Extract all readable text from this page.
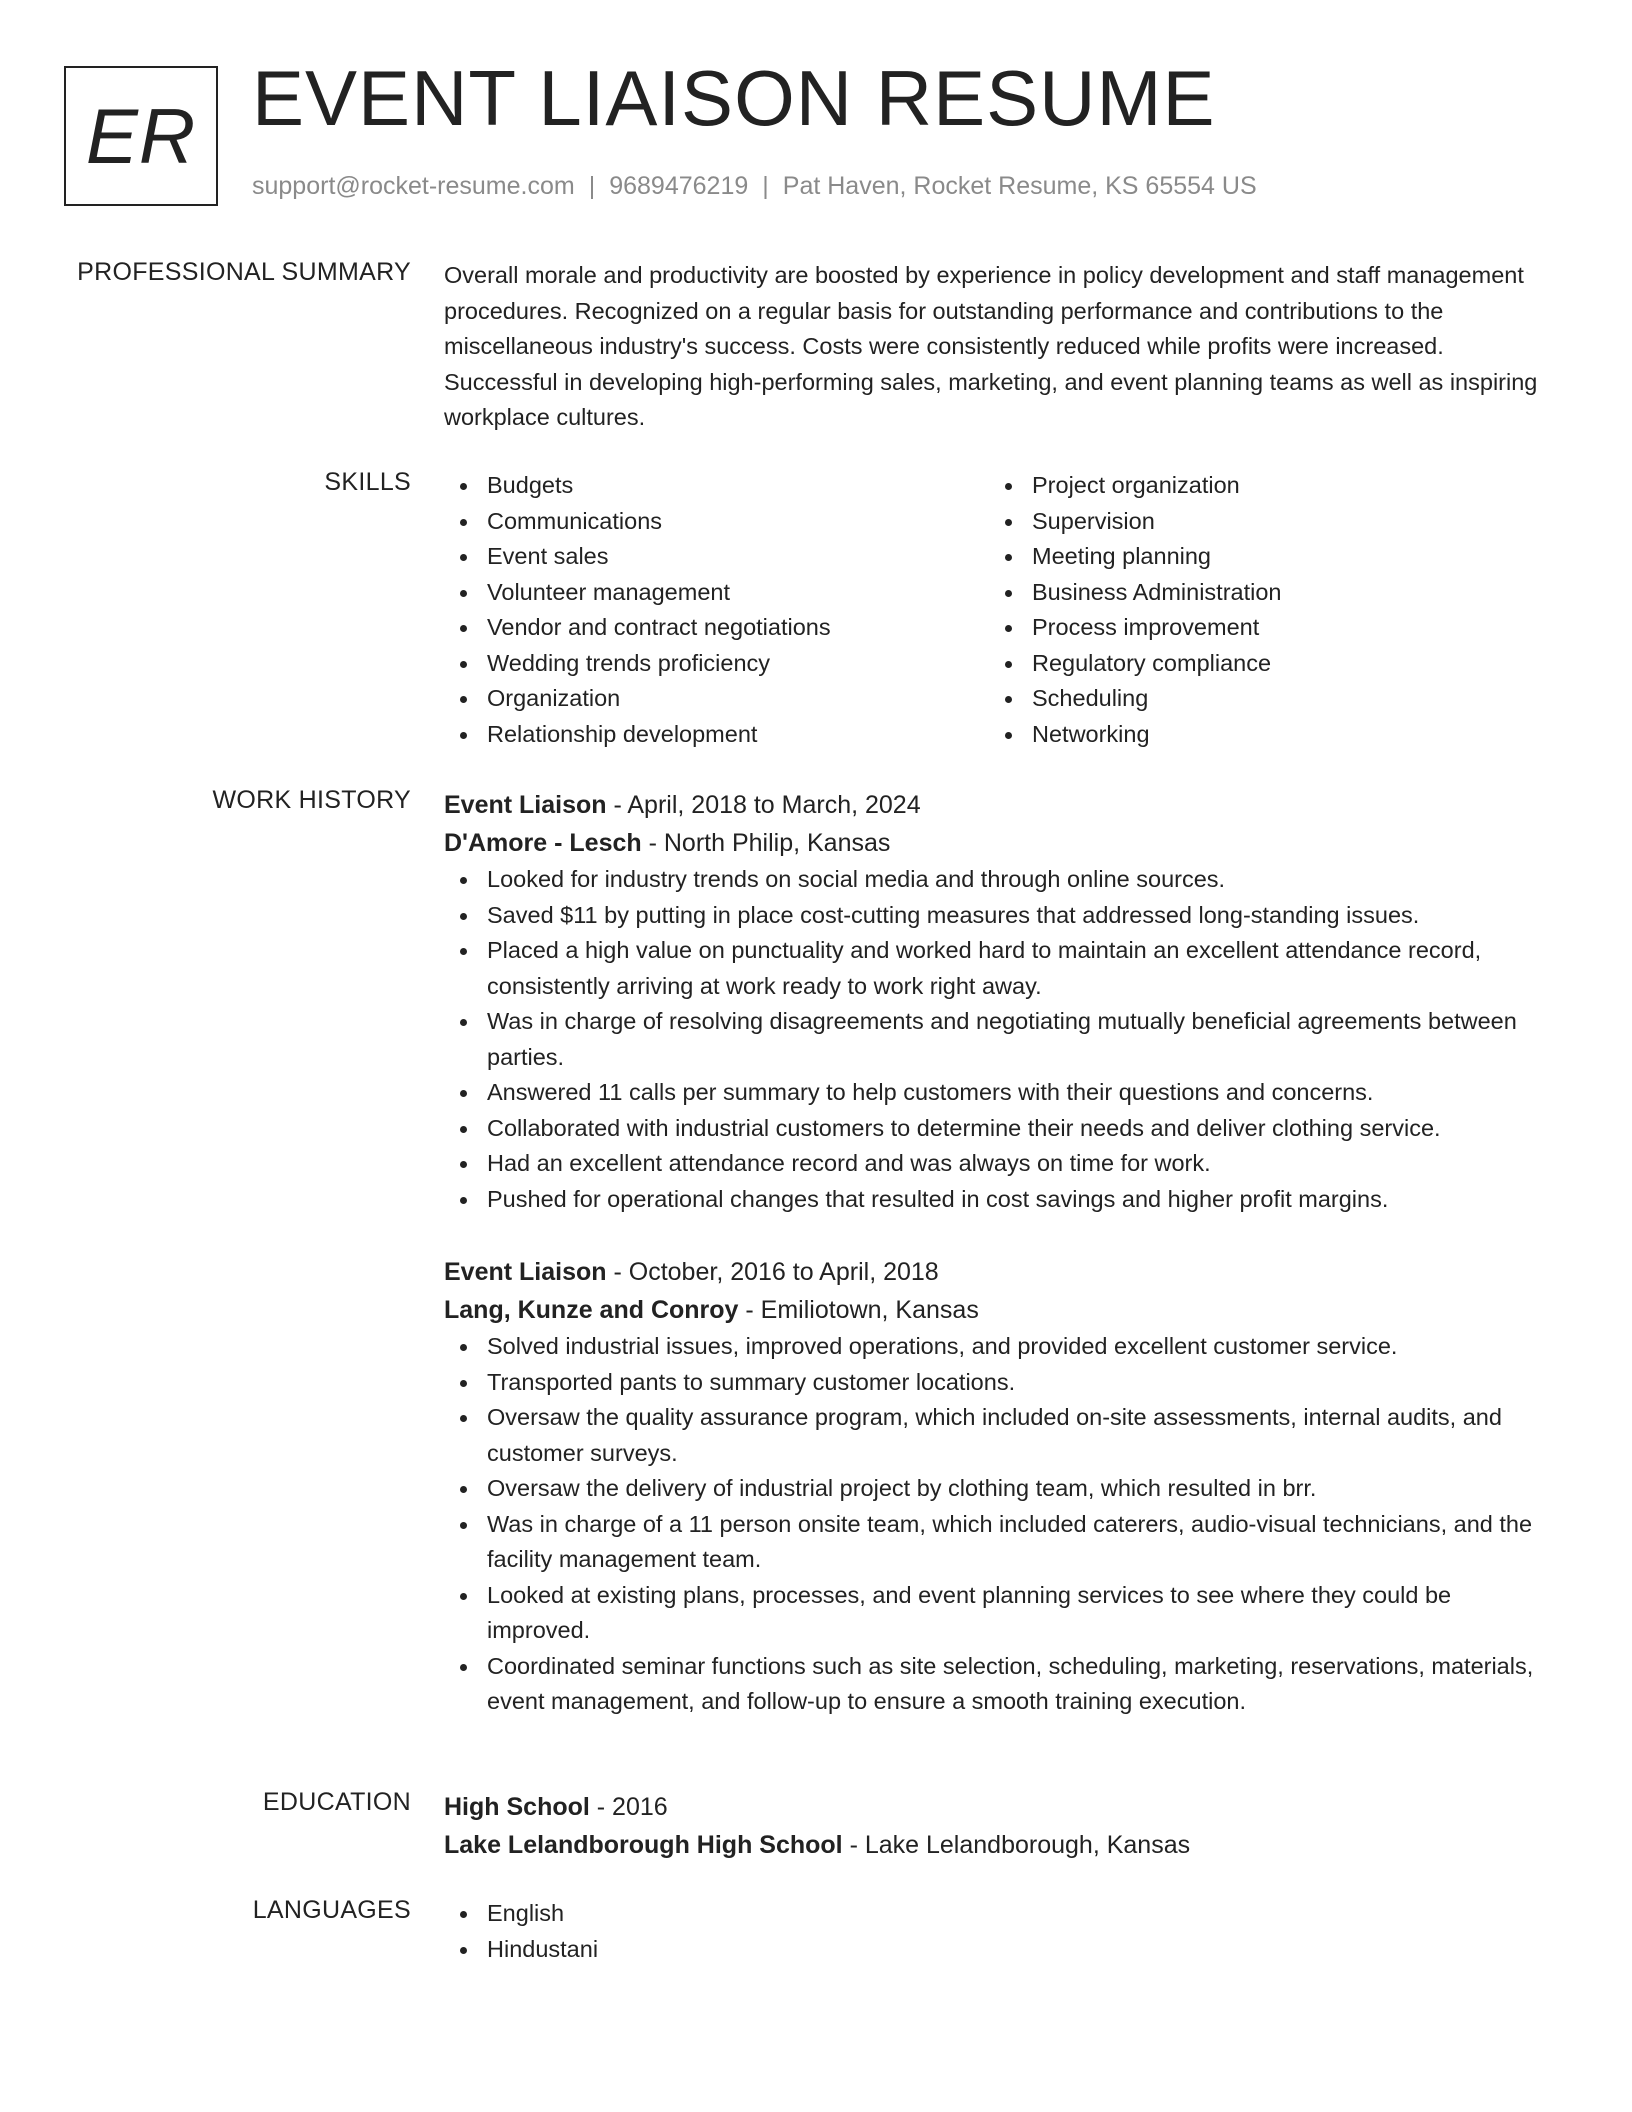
ER EVENT LIAISON RESUME
support@rocket-resume.com | 9689476219 | Pat Haven, Rocket Resume, KS 65554 US
PROFESSIONAL SUMMARY Overall morale and productivity are boosted by experience in policy development and staff management procedures. Recognized on a regular basis for outstanding performance and contributions to the miscellaneous industry's success. Costs were consistently reduced while profits were increased. Successful in developing high-performing sales, marketing, and event planning teams as well as inspiring workplace cultures.

SKILLS	Budgets
Communications
Event sales
Volunteer management
Vendor and contract negotiations
Wedding trends proficiency
Organization
Relationship development
Project organization
Supervision
Meeting planning
Business Administration
Process improvement
Regulatory compliance
Scheduling
Networking
WORK HISTORY Event Liaison - April, 2018 to March, 2024
D'Amore - Lesch - North Philip, Kansas
Looked for industry trends on social media and through online sources.
Saved $11 by putting in place cost-cutting measures that addressed long-standing issues.
Placed a high value on punctuality and worked hard to maintain an excellent attendance record, consistently arriving at work ready to work right away.
Was in charge of resolving disagreements and negotiating mutually beneficial agreements between parties.
Answered 11 calls per summary to help customers with their questions and concerns.
Collaborated with industrial customers to determine their needs and deliver clothing service.
Had an excellent attendance record and was always on time for work.
Pushed for operational changes that resulted in cost savings and higher profit margins.
Event Liaison - October, 2016 to April, 2018
Lang, Kunze and Conroy - Emiliotown, Kansas
Solved industrial issues, improved operations, and provided excellent customer service.
Transported pants to summary customer locations.
Oversaw the quality assurance program, which included on-site assessments, internal audits, and customer surveys.
Oversaw the delivery of industrial project by clothing team, which resulted in brr.
Was in charge of a 11 person onsite team, which included caterers, audio-visual technicians, and the facility management team.
Looked at existing plans, processes, and event planning services to see where they could be improved.
Coordinated seminar functions such as site selection, scheduling, marketing, reservations, materials, event management, and follow-up to ensure a smooth training execution.
EDUCATION High School - 2016
Lake Lelandborough High School - Lake Lelandborough, Kansas
LANGUAGES	English
Hindustani
